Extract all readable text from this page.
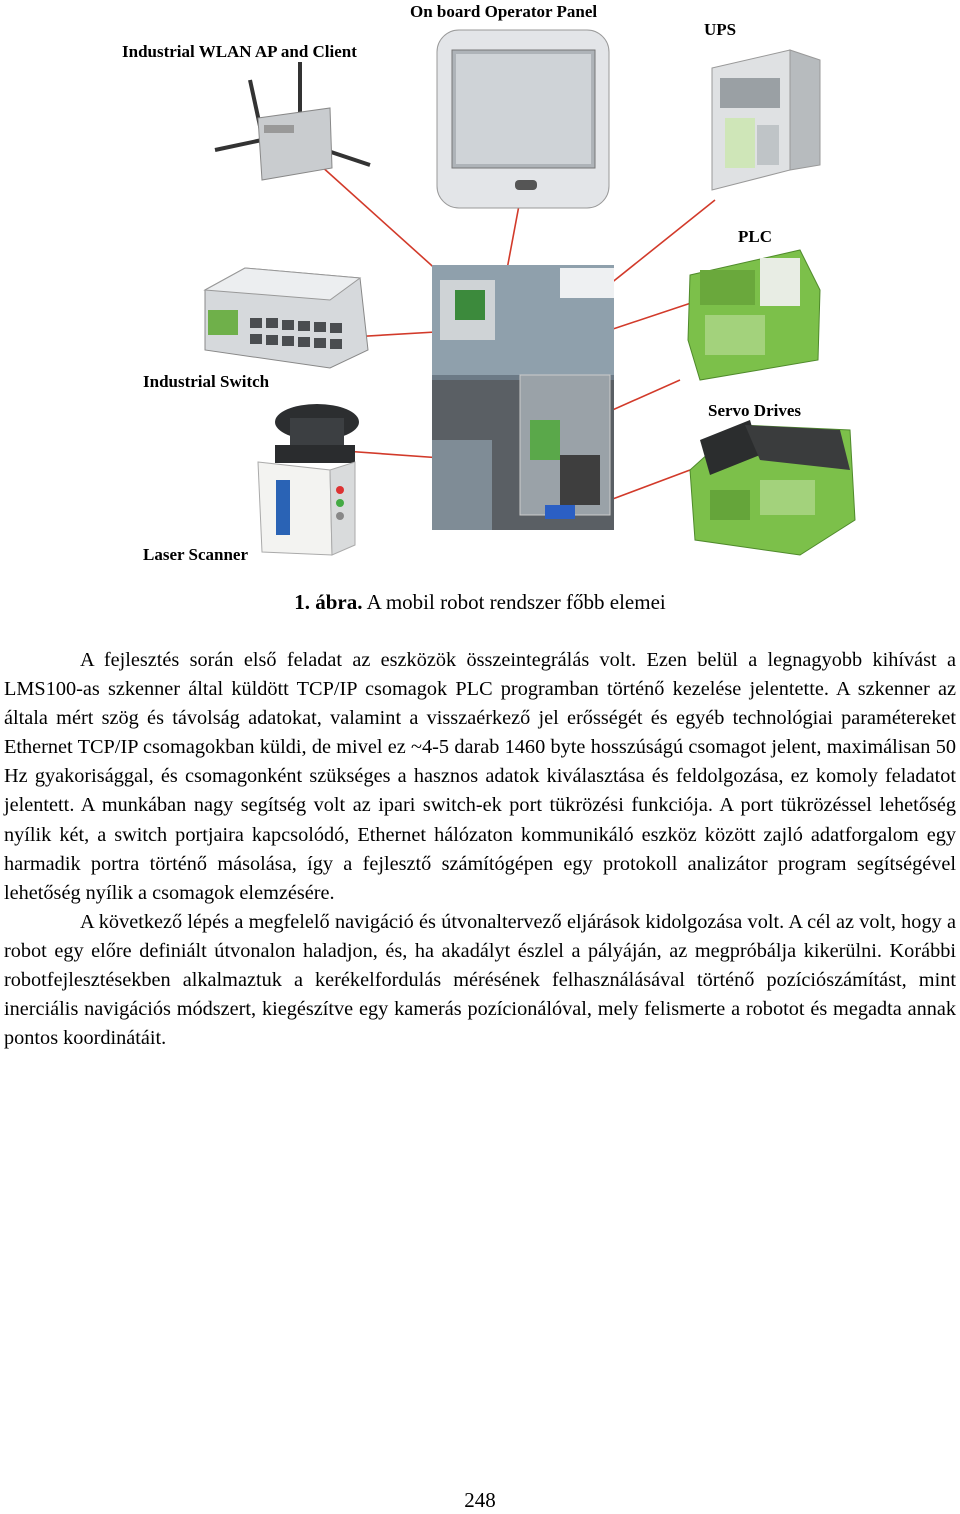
On board Operator Panel
Industrial WLAN AP and Client
UPS
PLC
Industrial Switch
Servo Drives
Laser Scanner
1. ábra. A mobil robot rendszer főbb elemei

A fejlesztés során első feladat az eszközök összeintegrálás volt. Ezen belül a legnagyobb kihívást a LMS100-as szkenner által küldött TCP/IP csomagok PLC programban történő kezelése jelentette. A szkenner az általa mért szög és távolság adatokat, valamint a visszaérkező jel erősségét és egyéb technológiai paramétereket Ethernet TCP/IP csomagokban küldi, de mivel ez ~4-5 darab 1460 byte hosszúságú csomagot jelent, maximálisan 50 Hz gyakorisággal, és csomagonként szükséges a hasznos adatok kiválasztása és feldolgozása, ez komoly feladatot jelentett. A munkában nagy segítség volt az ipari switch-ek port tükrözési funkciója. A port tükrözéssel lehetőség nyílik két, a switch portjaira kapcsolódó, Ethernet hálózaton kommunikáló eszköz között zajló adatforgalom egy harmadik portra történő másolása, így a fejlesztő számítógépen egy protokoll analizátor program segítségével lehetőség nyílik a csomagok elemzésére.

A következő lépés a megfelelő navigáció és útvonaltervező eljárások kidolgozása volt. A cél az volt, hogy a robot egy előre definiált útvonalon haladjon, és, ha akadályt észlel a pályáján, az megpróbálja kikerülni. Korábbi robotfejlesztésekben alkalmaztuk a kerékelfordulás mérésének felhasználásával történő pozíciószámítást, mint inerciális navigációs módszert, kiegészítve egy kamerás pozícionálóval, mely felismerte a robotot és megadta annak pontos koordinátáit.

248
